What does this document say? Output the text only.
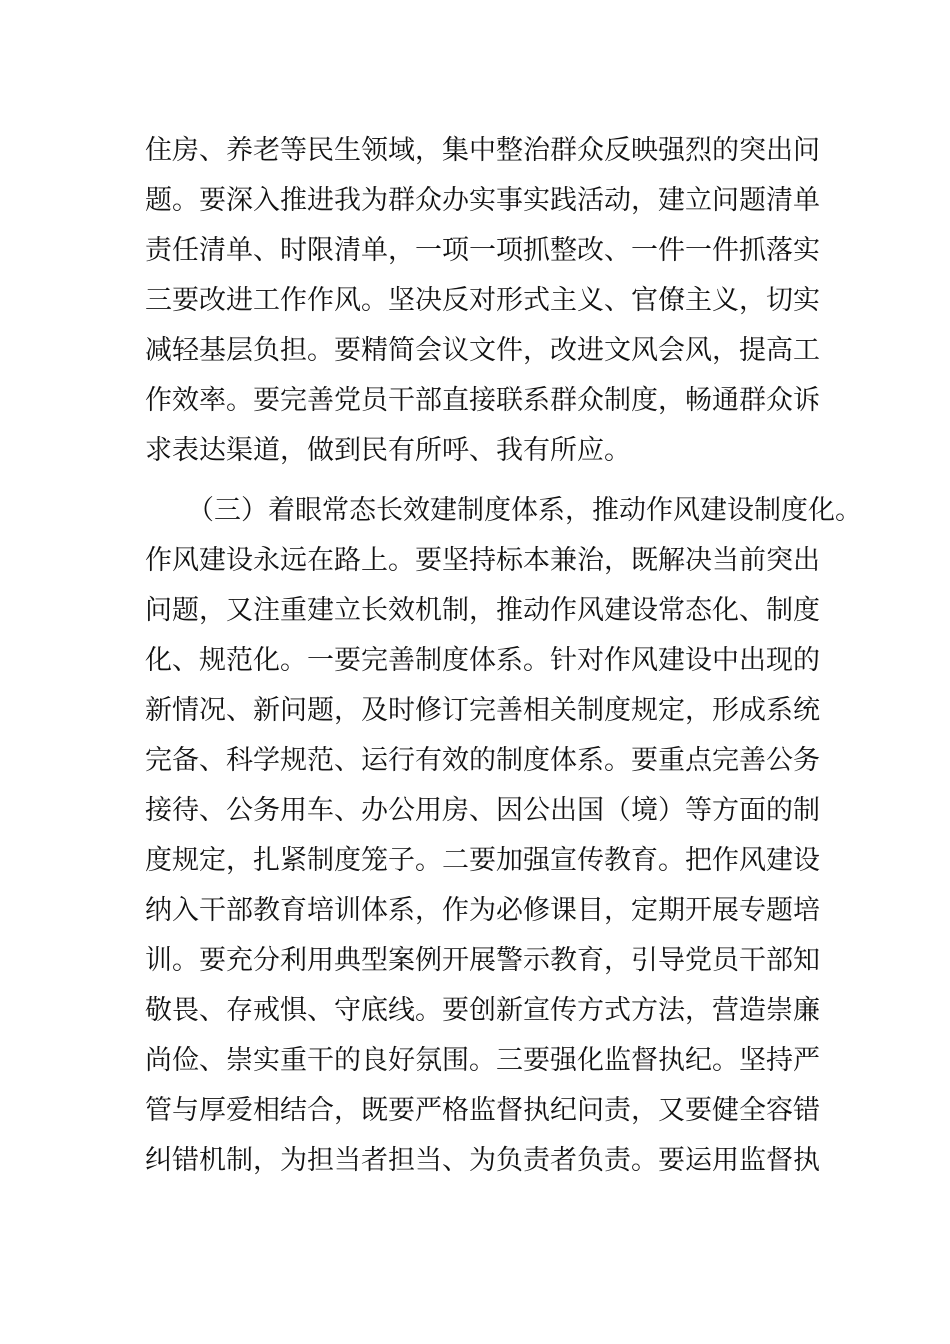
住房、养老等民生领域，集中整治群众反映强烈的突出问
题。要深入推进我为群众办实事实践活动，建立问题清单
责任清单、时限清单，一项一项抓整改、一件一件抓落实
三要改进工作作风。坚决反对形式主义、官僚主义，切实
减轻基层负担。要精简会议文件，改进文风会风，提高工
作效率。要完善党员干部直接联系群众制度，畅通群众诉
求表达渠道，做到民有所呼、我有所应。
（三）着眼常态长效建制度体系，推动作风建设制度化。
作风建设永远在路上。要坚持标本兼治，既解决当前突出
问题，又注重建立长效机制，推动作风建设常态化、制度
化、规范化。一要完善制度体系。针对作风建设中出现的
新情况、新问题，及时修订完善相关制度规定，形成系统
完备、科学规范、运行有效的制度体系。要重点完善公务
接待、公务用车、办公用房、因公出国（境）等方面的制
度规定，扎紧制度笼子。二要加强宣传教育。把作风建设
纳入干部教育培训体系，作为必修课目，定期开展专题培
训。要充分利用典型案例开展警示教育，引导党员干部知
敬畏、存戒惧、守底线。要创新宣传方式方法，营造崇廉
尚俭、崇实重干的良好氛围。三要强化监督执纪。坚持严
管与厚爱相结合，既要严格监督执纪问责，又要健全容错
纠错机制，为担当者担当、为负责者负责。要运用监督执
